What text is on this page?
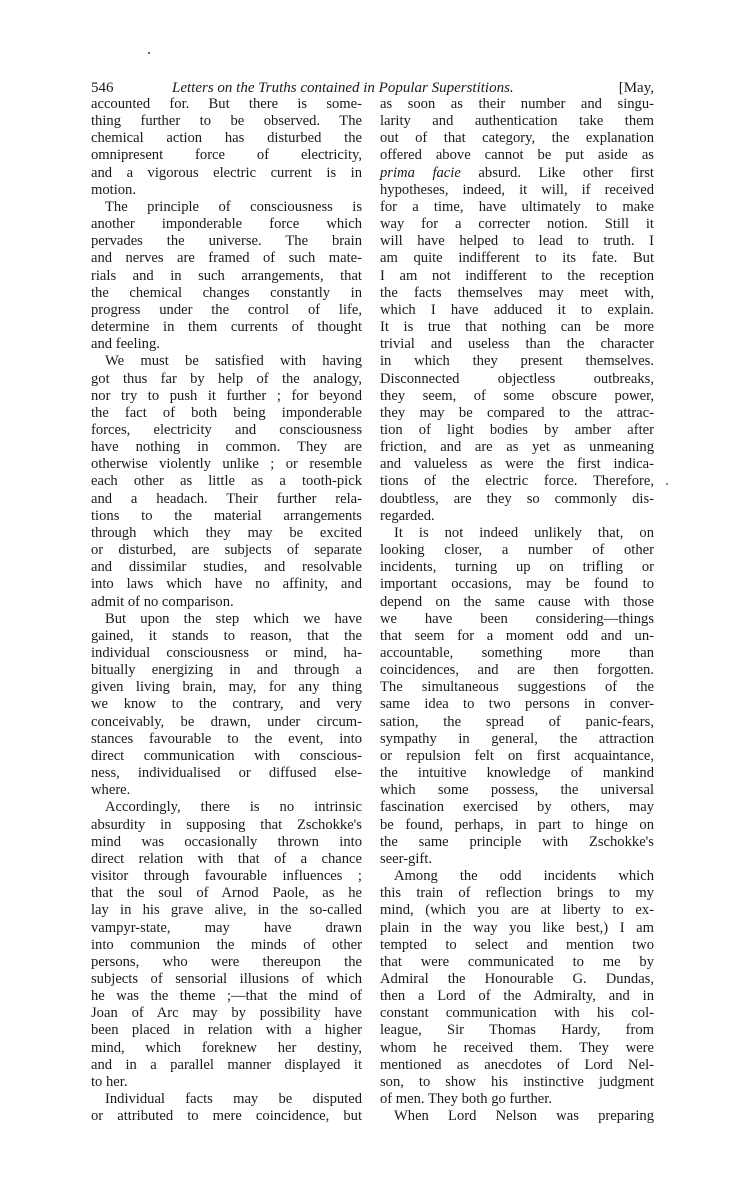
546	Letters on the Truths contained in Popular Superstitions.	[May,
accounted for. But there is some-
thing further to be observed. The
chemical action has disturbed the
omnipresent force of electricity,
and a vigorous electric current is in
motion.
The principle of consciousness is
another imponderable force which
pervades the universe. The brain
and nerves are framed of such mate-
rials and in such arrangements, that
the chemical changes constantly in
progress under the control of life,
determine in them currents of thought
and feeling.
We must be satisfied with having
got thus far by help of the analogy,
nor try to push it further ; for beyond
the fact of both being imponderable
forces, electricity and consciousness
have nothing in common. They are
otherwise violently unlike ; or resemble
each other as little as a tooth-pick
and a headach. Their further rela-
tions to the material arrangements
through which they may be excited
or disturbed, are subjects of separate
and dissimilar studies, and resolvable
into laws which have no affinity, and
admit of no comparison.
But upon the step which we have
gained, it stands to reason, that the
individual consciousness or mind, ha-
bitually energizing in and through a
given living brain, may, for any thing
we know to the contrary, and very
conceivably, be drawn, under circum-
stances favourable to the event, into
direct communication with conscious-
ness, individualised or diffused else-
where.
Accordingly, there is no intrinsic
absurdity in supposing that Zschokke's
mind was occasionally thrown into
direct relation with that of a chance
visitor through favourable influences ;
that the soul of Arnod Paole, as he
lay in his grave alive, in the so-called
vampyr-state, may have drawn
into communion the minds of other
persons, who were thereupon the
subjects of sensorial illusions of which
he was the theme ;—that the mind of
Joan of Arc may by possibility have
been placed in relation with a higher
mind, which foreknew her destiny,
and in a parallel manner displayed it
to her.
Individual facts may be disputed
or attributed to mere coincidence, but
as soon as their number and singu-
larity and authentication take them
out of that category, the explanation
offered above cannot be put aside as
prima facie absurd. Like other first
hypotheses, indeed, it will, if received
for a time, have ultimately to make
way for a correcter notion. Still it
will have helped to lead to truth. I
am quite indifferent to its fate. But
I am not indifferent to the reception
the facts themselves may meet with,
which I have adduced it to explain.
It is true that nothing can be more
trivial and useless than the character
in which they present themselves.
Disconnected objectless outbreaks,
they seem, of some obscure power,
they may be compared to the attrac-
tion of light bodies by amber after
friction, and are as yet as unmeaning
and valueless as were the first indica-
tions of the electric force. Therefore,
doubtless, are they so commonly dis-
regarded.
It is not indeed unlikely that, on
looking closer, a number of other
incidents, turning up on trifling or
important occasions, may be found to
depend on the same cause with those
we have been considering—things
that seem for a moment odd and un-
accountable, something more than
coincidences, and are then forgotten.
The simultaneous suggestions of the
same idea to two persons in conver-
sation, the spread of panic-fears,
sympathy in general, the attraction
or repulsion felt on first acquaintance,
the intuitive knowledge of mankind
which some possess, the universal
fascination exercised by others, may
be found, perhaps, in part to hinge on
the same principle with Zschokke's
seer-gift.
Among the odd incidents which
this train of reflection brings to my
mind, (which you are at liberty to ex-
plain in the way you like best,) I am
tempted to select and mention two
that were communicated to me by
Admiral the Honourable G. Dundas,
then a Lord of the Admiralty, and in
constant communication with his col-
league, Sir Thomas Hardy, from
whom he received them. They were
mentioned as anecdotes of Lord Nel-
son, to show his instinctive judgment
of men. They both go further.
When Lord Nelson was preparing
